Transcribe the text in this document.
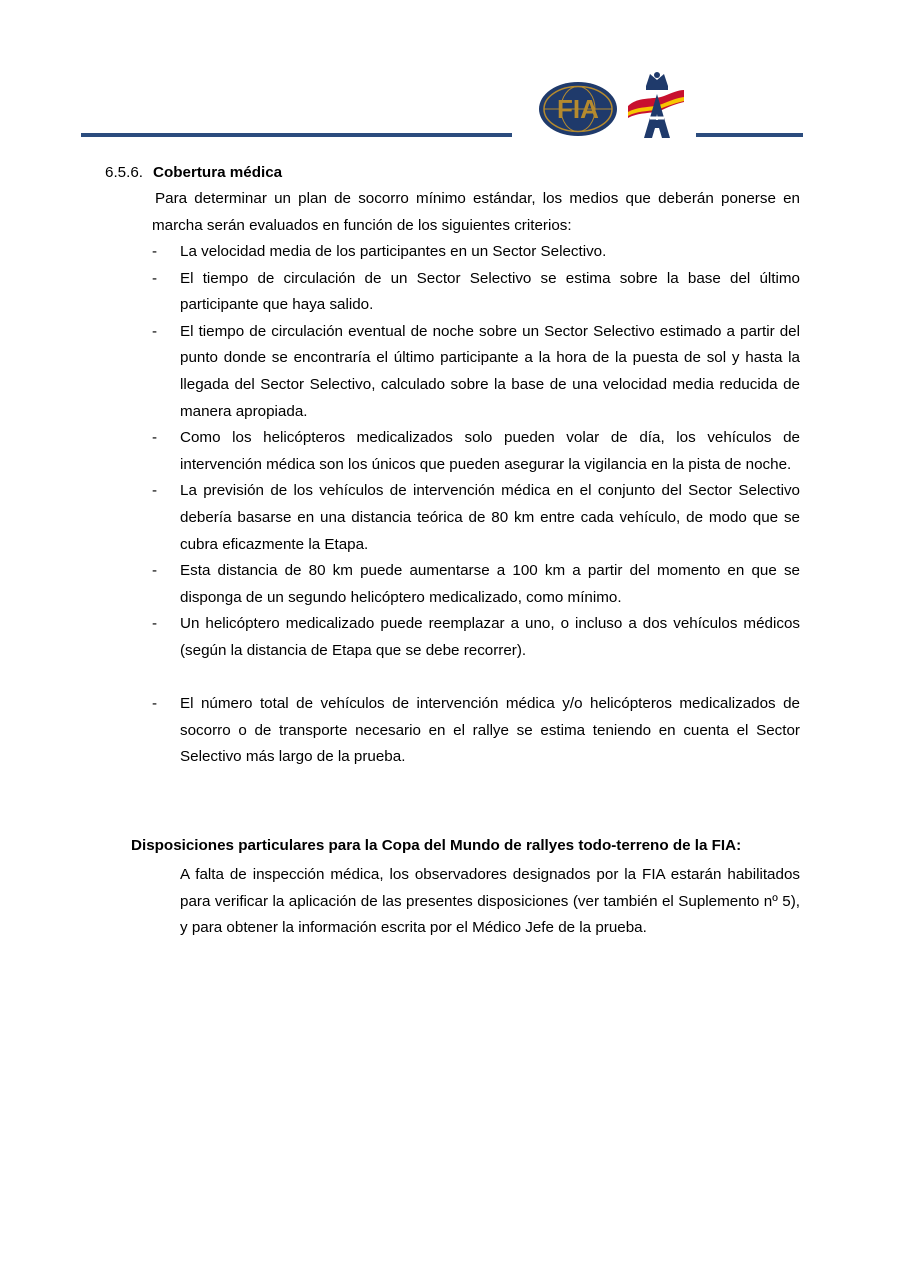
FIA
6.5.6. Cobertura médica
Para determinar un plan de socorro mínimo estándar, los medios que deberán ponerse en marcha serán evaluados en función de los siguientes criterios:
- La velocidad media de los participantes en un Sector Selectivo.
- El tiempo de circulación de un Sector Selectivo se estima sobre la base del último participante que haya salido.
- El tiempo de circulación eventual de noche sobre un Sector Selectivo estimado a partir del punto donde se encontraría el último participante a la hora de la puesta de sol y hasta la llegada del Sector Selectivo, calculado sobre la base de una velocidad media reducida de manera apropiada.
- Como los helicópteros medicalizados solo pueden volar de día, los vehículos de intervención médica son los únicos que pueden asegurar la vigilancia en la pista de noche.
- La previsión de los vehículos de intervención médica en el conjunto del Sector Selectivo debería basarse en una distancia teórica de 80 km entre cada vehículo, de modo que se cubra eficazmente la Etapa.
- Esta distancia de 80 km puede aumentarse a 100 km a partir del momento en que se disponga de un segundo helicóptero medicalizado, como mínimo.
- Un helicóptero medicalizado puede reemplazar a uno, o incluso a dos vehículos médicos (según la distancia de Etapa que se debe recorrer).
- El número total de vehículos de intervención médica y/o helicópteros medicalizados de socorro o de transporte necesario en el rallye se estima teniendo en cuenta el Sector Selectivo más largo de la prueba.
Disposiciones particulares para la Copa del Mundo de rallyes todo-terreno de la FIA:
A falta de inspección médica, los observadores designados por la FIA estarán habilitados para verificar la aplicación de las presentes disposiciones (ver también el Suplemento nº 5), y para obtener la información escrita por el Médico Jefe de la prueba.
